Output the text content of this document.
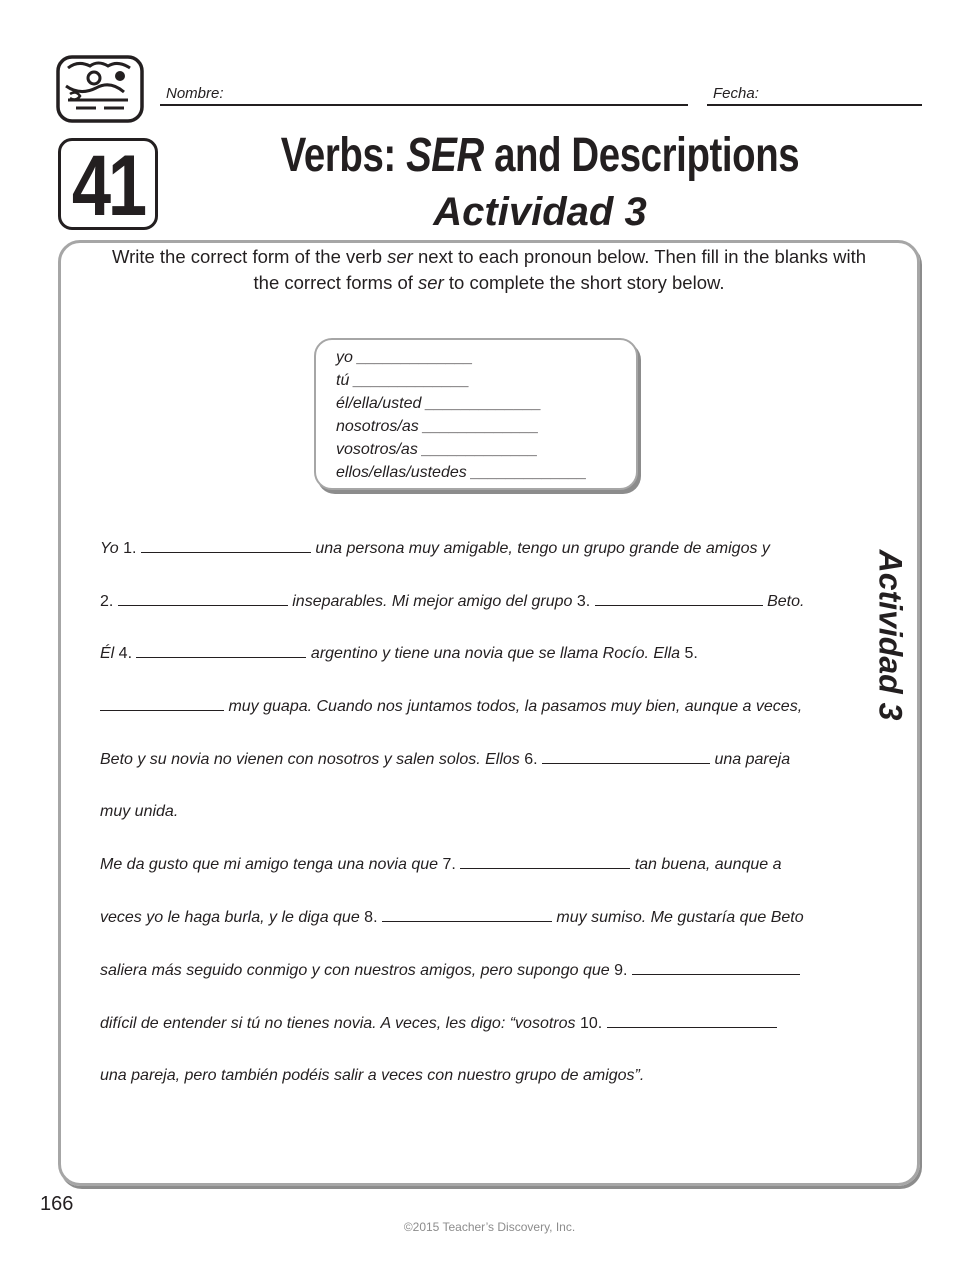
Nombre:	Fecha:
41	Verbs: SER and Descriptions
Actividad 3
Write the correct form of the verb ser next to each pronoun below. Then fill in the blanks with the correct forms of ser to complete the short story below.
yo _____________
tú _____________
él/ella/usted _____________
nosotros/as _____________
vosotros/as _____________
ellos/ellas/ustedes _____________
Yo 1.	una persona muy amigable, tengo un grupo grande de amigos y
2.	inseparables. Mi mejor amigo del grupo 3.	Beto.
Él 4.	argentino y tiene una novia que se llama Rocío. Ella 5.
muy guapa. Cuando nos juntamos todos, la pasamos muy bien, aunque a veces,
Beto y su novia no vienen con nosotros y salen solos. Ellos 6.	una pareja
muy unida.
Me da gusto que mi amigo tenga una novia que 7.	tan buena, aunque a
veces yo le haga burla, y le diga que 8.	muy sumiso. Me gustaría que Beto
saliera más seguido conmigo y con nuestros amigos, pero supongo que 9.
difícil de entender si tú no tienes novia. A veces, les digo: “vosotros 10.
una pareja, pero también podéis salir a veces con nuestro grupo de amigos”.
Actividad 3
166
©2015 Teacher’s Discovery, Inc.
